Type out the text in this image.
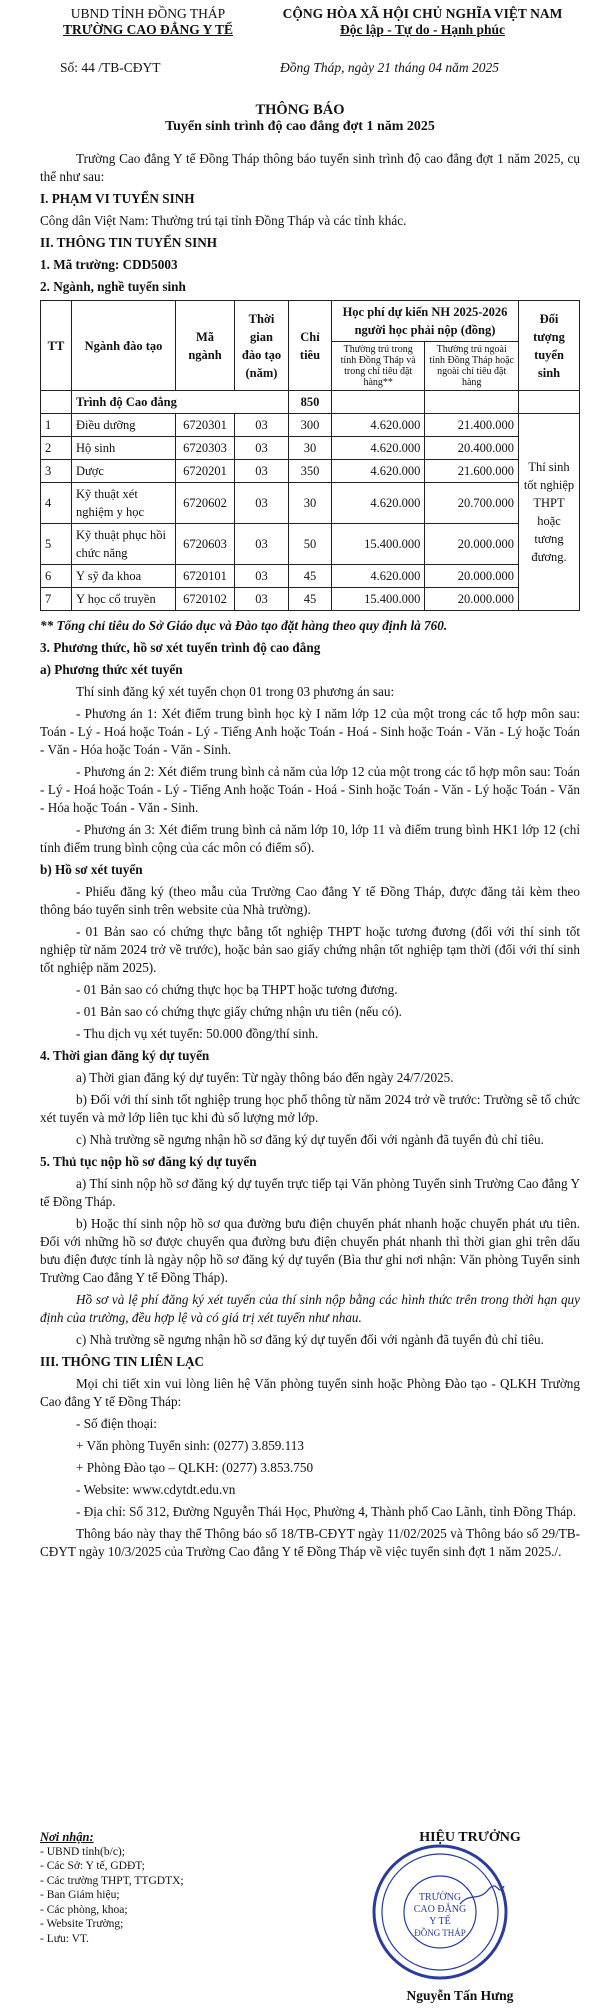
UBND TỈNH ĐỒNG THÁP
TRƯỜNG CAO ĐẲNG Y TẾ
CỘNG HÒA XÃ HỘI CHỦ NGHĨA VIỆT NAM
Độc lập - Tự do - Hạnh phúc
Số: 44 /TB-CĐYT	Đồng Tháp, ngày 21 tháng 04 năm 2025
THÔNG BÁO
Tuyển sinh trình độ cao đẳng đợt 1 năm 2025

Trường Cao đẳng Y tế Đồng Tháp thông báo tuyển sinh trình độ cao đẳng đợt 1 năm 2025, cụ thể như sau:

I. PHẠM VI TUYỂN SINH

Công dân Việt Nam: Thường trú tại tỉnh Đồng Tháp và các tỉnh khác.

II. THÔNG TIN TUYỂN SINH

1. Mã trường: CDD5003

2. Ngành, nghề tuyển sinh

TT	Ngành đào tạo	Mã ngành	Thời gian đào tạo (năm)	Chỉ tiêu	Học phí dự kiến NH 2025-2026 người học phải nộp (đồng)		Đối tượng tuyển sinh
					Thường trú trong tỉnh Đồng Tháp và trong chỉ tiêu đặt hàng**	Thường trú ngoài tỉnh Đồng Tháp hoặc ngoài chỉ tiêu đặt hàng	
	Trình độ Cao đẳng			850			
1	Điều dưỡng	6720301	03	300	4.620.000	21.400.000	Thí sinh tốt nghiệp THPT hoặc tương đương.
2	Hộ sinh	6720303	03	30	4.620.000	20.400.000	
3	Dược	6720201	03	350	4.620.000	21.600.000	
4	Kỹ thuật xét nghiệm y học	6720602	03	30	4.620.000	20.700.000	
5	Kỹ thuật phục hồi chức năng	6720603	03	50	15.400.000	20.000.000	
6	Y sỹ đa khoa	6720101	03	45	4.620.000	20.000.000	
7	Y học cổ truyền	6720102	03	45	15.400.000	20.000.000	

** Tổng chỉ tiêu do Sở Giáo dục và Đào tạo đặt hàng theo quy định là 760.

3. Phương thức, hồ sơ xét tuyển trình độ cao đẳng

a) Phương thức xét tuyển

Thí sinh đăng ký xét tuyển chọn 01 trong 03 phương án sau:

- Phương án 1: Xét điểm trung bình học kỳ I năm lớp 12 của một trong các tổ hợp môn sau: Toán - Lý - Hoá hoặc Toán - Lý - Tiếng Anh hoặc Toán - Hoá - Sinh hoặc Toán - Văn - Lý hoặc Toán - Văn - Hóa hoặc Toán - Văn - Sinh.

- Phương án 2: Xét điểm trung bình cả năm của lớp 12 của một trong các tổ hợp môn sau: Toán - Lý - Hoá hoặc Toán - Lý - Tiếng Anh hoặc Toán - Hoá - Sinh hoặc Toán - Văn - Lý hoặc Toán - Văn - Hóa hoặc Toán - Văn - Sinh.

- Phương án 3: Xét điểm trung bình cả năm lớp 10, lớp 11 và điểm trung bình HK1 lớp 12 (chỉ tính điểm trung bình cộng của các môn có điểm số).

b) Hồ sơ xét tuyển

- Phiếu đăng ký (theo mẫu của Trường Cao đẳng Y tế Đồng Tháp, được đăng tải kèm theo thông báo tuyển sinh trên website của Nhà trường).

- 01 Bản sao có chứng thực bằng tốt nghiệp THPT hoặc tương đương (đối với thí sinh tốt nghiệp từ năm 2024 trở về trước), hoặc bản sao giấy chứng nhận tốt nghiệp tạm thời (đối với thí sinh tốt nghiệp năm 2025).

- 01 Bản sao có chứng thực học bạ THPT hoặc tương đương.

- 01 Bản sao có chứng thực giấy chứng nhận ưu tiên (nếu có).

- Thu dịch vụ xét tuyển: 50.000 đồng/thí sinh.

4. Thời gian đăng ký dự tuyển

a) Thời gian đăng ký dự tuyển: Từ ngày thông báo đến ngày 24/7/2025.

b) Đối với thí sinh tốt nghiệp trung học phổ thông từ năm 2024 trở về trước: Trường sẽ tổ chức xét tuyển và mở lớp liên tục khi đủ số lượng mở lớp.

c) Nhà trường sẽ ngưng nhận hồ sơ đăng ký dự tuyển đối với ngành đã tuyển đủ chỉ tiêu.

5. Thủ tục nộp hồ sơ đăng ký dự tuyển

a) Thí sinh nộp hồ sơ đăng ký dự tuyển trực tiếp tại Văn phòng Tuyển sinh Trường Cao đẳng Y tế Đồng Tháp.

b) Hoặc thí sinh nộp hồ sơ qua đường bưu điện chuyển phát nhanh hoặc chuyển phát ưu tiên. Đối với những hồ sơ được chuyển qua đường bưu điện chuyển phát nhanh thì thời gian ghi trên dấu bưu điện được tính là ngày nộp hồ sơ đăng ký dự tuyển (Bìa thư ghi nơi nhận: Văn phòng Tuyển sinh Trường Cao đẳng Y tế Đồng Tháp).

Hồ sơ và lệ phí đăng ký xét tuyển của thí sinh nộp bằng các hình thức trên trong thời hạn quy định của trường, đều hợp lệ và có giá trị xét tuyển như nhau.

c) Nhà trường sẽ ngưng nhận hồ sơ đăng ký dự tuyển đối với ngành đã tuyển đủ chỉ tiêu.

III. THÔNG TIN LIÊN LẠC

Mọi chi tiết xin vui lòng liên hệ Văn phòng tuyển sinh hoặc Phòng Đào tạo - QLKH Trường Cao đẳng Y tế Đồng Tháp:

- Số điện thoại:

+ Văn phòng Tuyển sinh: (0277) 3.859.113

+ Phòng Đào tạo – QLKH: (0277) 3.853.750

- Website: www.cdytdt.edu.vn

- Địa chỉ: Số 312, Đường Nguyễn Thái Học, Phường 4, Thành phố Cao Lãnh, tỉnh Đồng Tháp.

Thông báo này thay thế Thông báo số 18/TB-CĐYT ngày 11/02/2025 và Thông báo số 29/TB-CĐYT ngày 10/3/2025 của Trường Cao đẳng Y tế Đồng Tháp về việc tuyển sinh đợt 1 năm 2025./.

Nơi nhận:
- UBND tỉnh(b/c);
- Các Sở: Y tế, GDĐT;
- Các trường THPT, TTGDTX;
- Ban Giám hiệu;
- Các phòng, khoa;
- Website Trường;
- Lưu: VT.
HIỆU TRƯỞNG
TRƯỜNG
CAO ĐẲNG
Y TẾ
ĐỒNG THÁP
Nguyễn Tấn Hưng
